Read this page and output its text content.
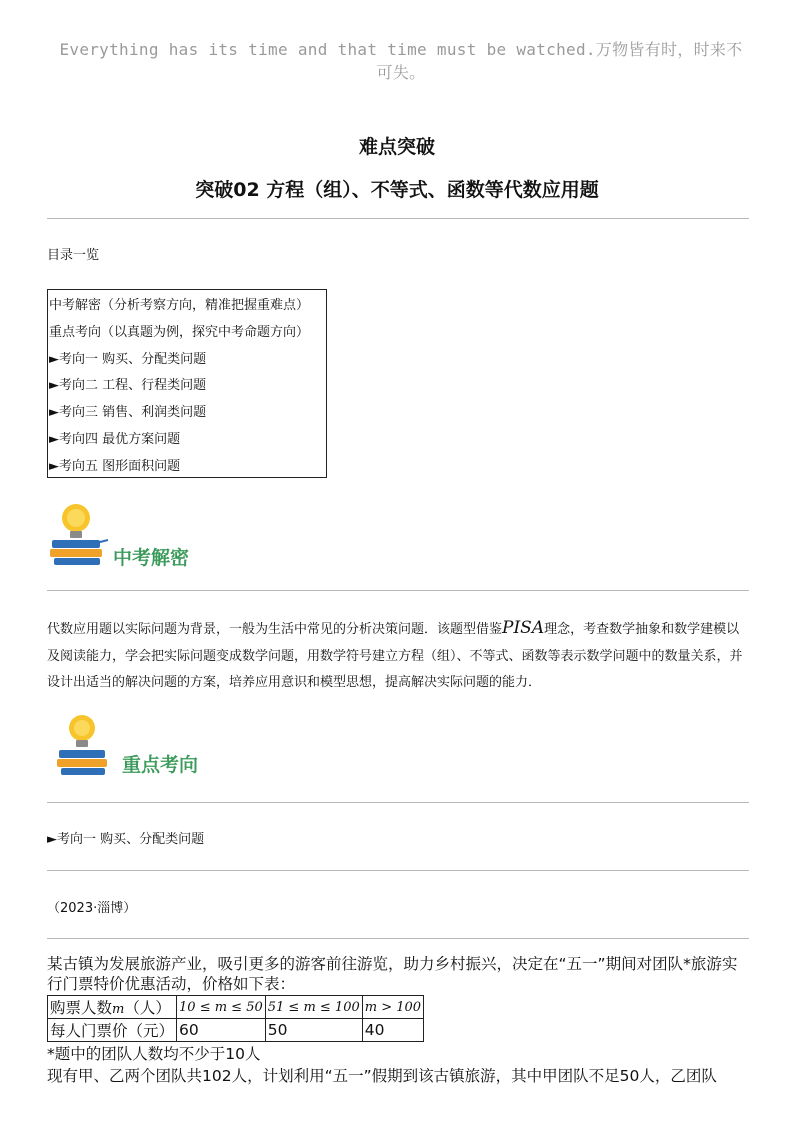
Everything has its time and that time must be watched.万物皆有时，时来不
可失。
难点突破
突破02 方程（组）、不等式、函数等代数应用题
目录一览
中考解密（分析考察方向，精准把握重难点）
重点考向（以真题为例，探究中考命题方向）
►考向一 购买、分配类问题
►考向二 工程、行程类问题
►考向三 销售、利润类问题
►考向四 最优方案问题
►考向五 图形面积问题
中考解密
代数应用题以实际问题为背景，一般为生活中常见的分析决策问题．该题型借鉴PISA理念，考查数学抽象和数学建模以及阅读能力，学会把实际问题变成数学问题，用数学符号建立方程（组）、不等式、函数等表示数学问题中的数量关系，并设计出适当的解决问题的方案，培养应用意识和模型思想，提高解决实际问题的能力．
重点考向
►考向一 购买、分配类问题
（2023·淄博）
某古镇为发展旅游产业，吸引更多的游客前往游览，助力乡村振兴，决定在“五一”期间对团队*旅游实行门票特价优惠活动，价格如下表：
购票人数m（人）	10 ≤ m ≤ 50	51 ≤ m ≤ 100	m > 100
每人门票价（元）	60	50	40
*题中的团队人数均不少于10人
现有甲、乙两个团队共102人，计划利用“五一”假期到该古镇旅游，其中甲团队不足50人，乙团队
